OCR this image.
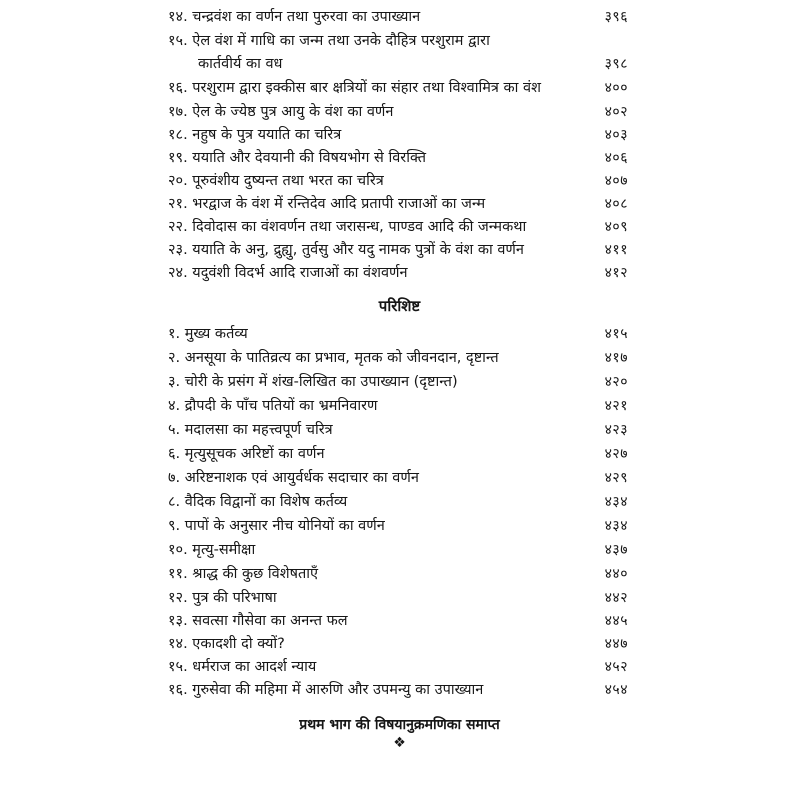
१४. चन्द्रवंश का वर्णन तथा पुरुरवा का उपाख्यान	३९६
१५. ऐल वंश में गाधि का जन्म तथा उनके दौहित्र परशुराम द्वारा
कार्तवीर्य का वध	३९८
१६. परशुराम द्वारा इक्कीस बार क्षत्रियों का संहार तथा विश्वामित्र का वंश	४००
१७. ऐल के ज्येष्ठ पुत्र आयु के वंश का वर्णन	४०२
१८. नहुष के पुत्र ययाति का चरित्र	४०३
१९. ययाति और देवयानी की विषयभोग से विरक्ति	४०६
२०. पूरुवंशीय दुष्यन्त तथा भरत का चरित्र	४०७
२१. भरद्वाज के वंश में रन्तिदेव आदि प्रतापी राजाओं का जन्म	४०८
२२. दिवोदास का वंशवर्णन तथा जरासन्ध, पाण्डव आदि की जन्मकथा	४०९
२३. ययाति के अनु, द्रुह्यु, तुर्वसु और यदु नामक पुत्रों के वंश का वर्णन	४११
२४. यदुवंशी विदर्भ आदि राजाओं का वंशवर्णन	४१२
परिशिष्ट
१. मुख्य कर्तव्य	४१५
२. अनसूया के पातिव्रत्य का प्रभाव, मृतक को जीवनदान, दृष्टान्त	४१७
३. चोरी के प्रसंग में शंख-लिखित का उपाख्यान (दृष्टान्त)	४२०
४. द्रौपदी के पाँच पतियों का भ्रमनिवारण	४२१
५. मदालसा का महत्त्वपूर्ण चरित्र	४२३
६. मृत्युसूचक अरिष्टों का वर्णन	४२७
७. अरिष्टनाशक एवं आयुर्वर्धक सदाचार का वर्णन	४२९
८. वैदिक विद्वानों का विशेष कर्तव्य	४३४
९. पापों के अनुसार नीच योनियों का वर्णन	४३४
१०. मृत्यु-समीक्षा	४३७
११. श्राद्ध की कुछ विशेषताएँ	४४०
१२. पुत्र की परिभाषा	४४२
१३. सवत्सा गौसेवा का अनन्त फल	४४५
१४. एकादशी दो क्यों?	४४७
१५. धर्मराज का आदर्श न्याय	४५२
१६. गुरुसेवा की महिमा में आरुणि और उपमन्यु का उपाख्यान	४५४
प्रथम भाग की विषयानुक्रमणिका समाप्त
❖
